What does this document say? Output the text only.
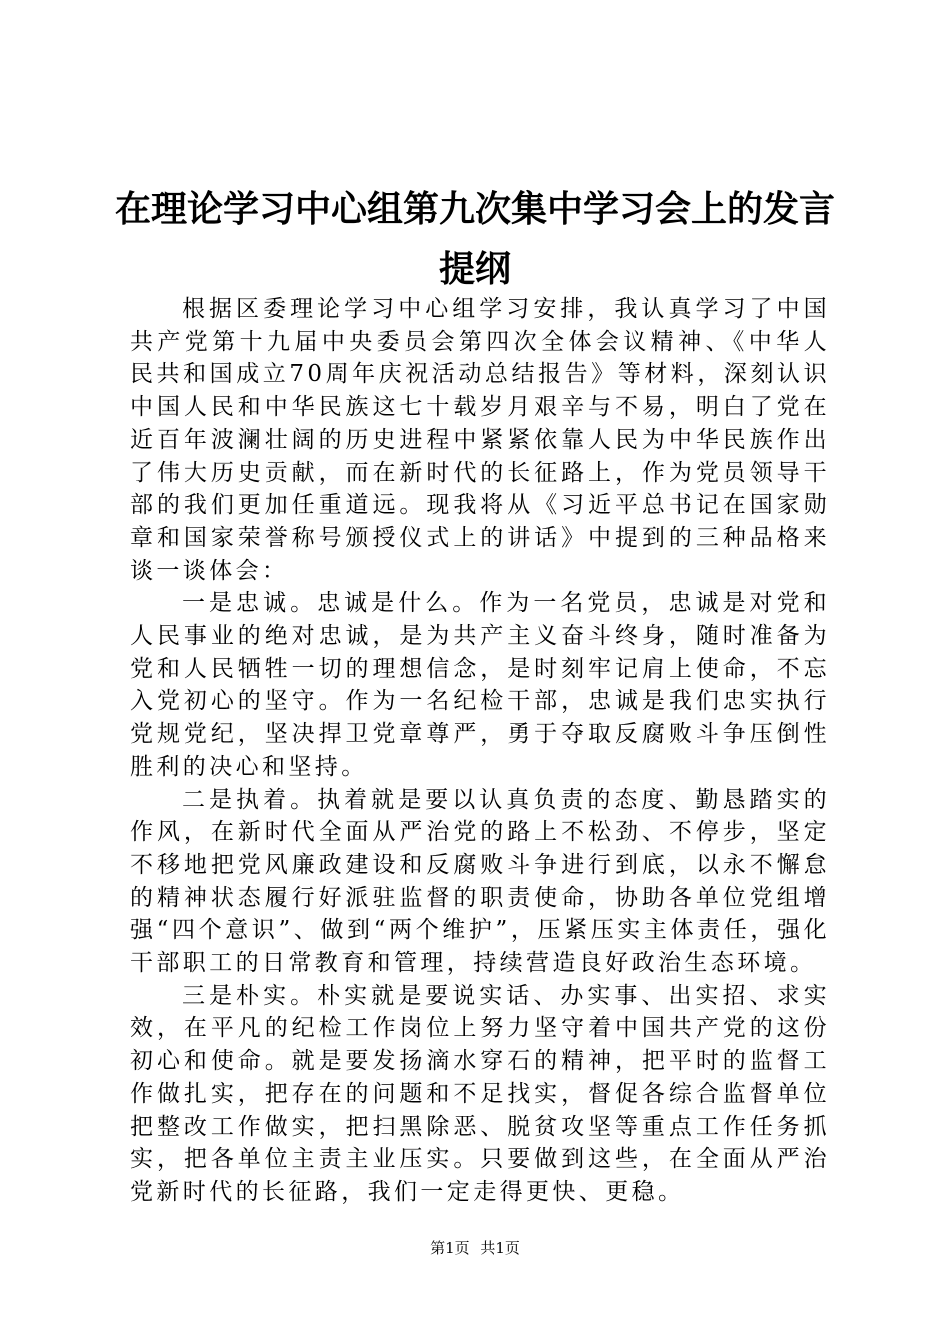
在理论学习中心组第九次集中学习会上的发言
提纲

根据区委理论学习中心组学习安排，我认真学习了中国共产党第十九届中央委员会第四次全体会议精神、《中华人民共和国成立70周年庆祝活动总结报告》等材料，深刻认识中国人民和中华民族这七十载岁月艰辛与不易，明白了党在近百年波澜壮阔的历史进程中紧紧依靠人民为中华民族作出了伟大历史贡献，而在新时代的长征路上，作为党员领导干部的我们更加任重道远。现我将从《习近平总书记在国家勋章和国家荣誉称号颁授仪式上的讲话》中提到的三种品格来谈一谈体会：

一是忠诚。忠诚是什么。作为一名党员，忠诚是对党和人民事业的绝对忠诚，是为共产主义奋斗终身，随时准备为党和人民牺牲一切的理想信念，是时刻牢记肩上使命，不忘入党初心的坚守。作为一名纪检干部，忠诚是我们忠实执行党规党纪，坚决捍卫党章尊严，勇于夺取反腐败斗争压倒性胜利的决心和坚持。

二是执着。执着就是要以认真负责的态度、勤恳踏实的作风，在新时代全面从严治党的路上不松劲、不停步，坚定不移地把党风廉政建设和反腐败斗争进行到底，以永不懈怠的精神状态履行好派驻监督的职责使命，协助各单位党组增强“四个意识”、做到“两个维护”，压紧压实主体责任，强化干部职工的日常教育和管理，持续营造良好政治生态环境。

三是朴实。朴实就是要说实话、办实事、出实招、求实效，在平凡的纪检工作岗位上努力坚守着中国共产党的这份初心和使命。就是要发扬滴水穿石的精神，把平时的监督工作做扎实，把存在的问题和不足找实，督促各综合监督单位把整改工作做实，把扫黑除恶、脱贫攻坚等重点工作任务抓实，把各单位主责主业压实。只要做到这些，在全面从严治党新时代的长征路，我们一定走得更快、更稳。

第1页 共1页
